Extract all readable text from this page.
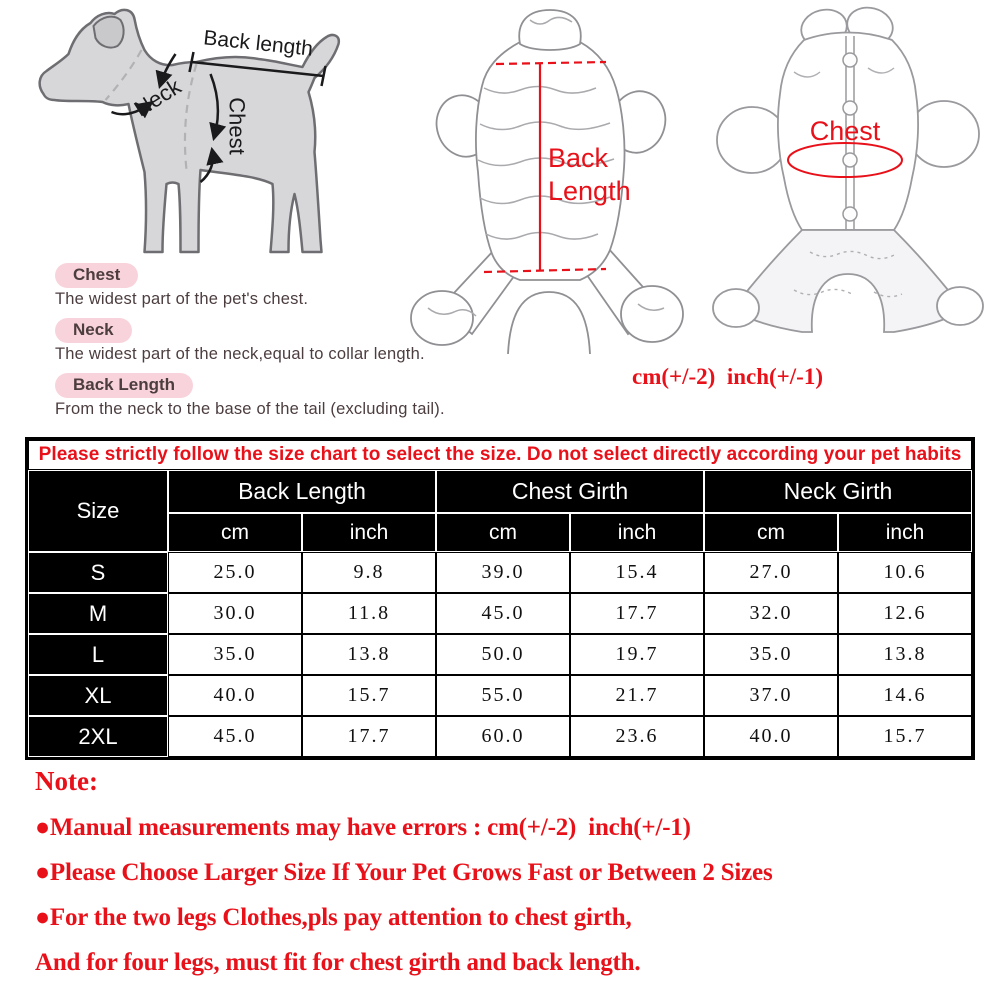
Back length
Neck Chest
Back Length
Chest
Chest
The widest part of the pet's chest.
Neck
The widest part of the neck,equal to collar length.
Back Length
From the neck to the base of the tail (excluding tail).
cm(+/-2)  inch(+/-1)
Please strictly follow the size chart to select the size. Do not select directly according your pet habits
Size
Back Length	Chest Girth	Neck Girth
cm	inch	cm	inch	cm	inch
S	25.0	9.8	39.0	15.4	27.0	10.6
M	30.0	11.8	45.0	17.7	32.0	12.6
L	35.0	13.8	50.0	19.7	35.0	13.8
XL	40.0	15.7	55.0	21.7	37.0	14.6
2XL	45.0	17.7	60.0	23.6	40.0	15.7
Note:
●Manual measurements may have errors : cm(+/-2)  inch(+/-1)
●Please Choose Larger Size If Your Pet Grows Fast or Between 2 Sizes
●For the two legs Clothes,pls pay attention to chest girth,
And for four legs, must fit for chest girth and back length.
